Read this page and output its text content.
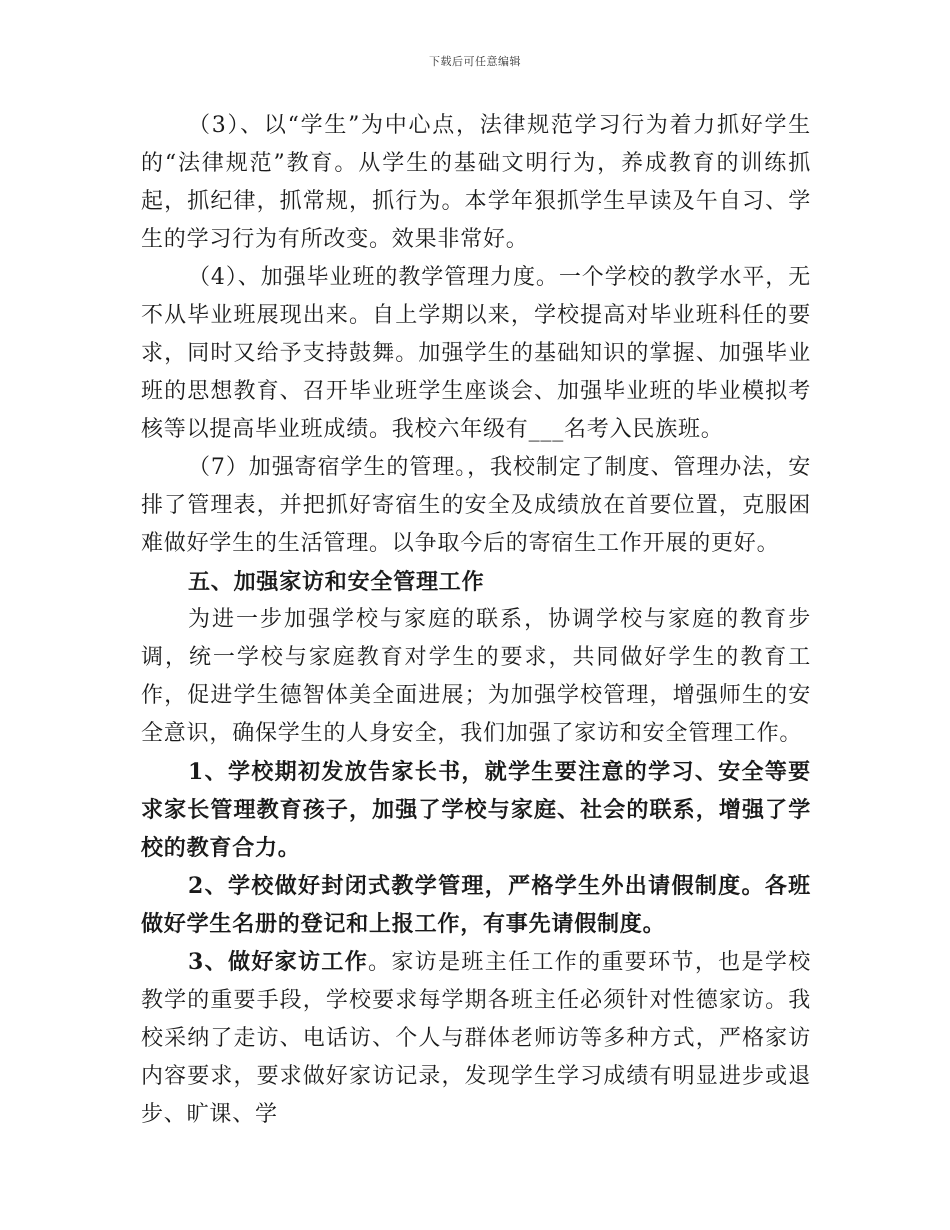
下载后可任意编辑

（3）、以“学生”为中心点，法律规范学习行为着力抓好学生的“法律规范”教育。从学生的基础文明行为，养成教育的训练抓起，抓纪律，抓常规，抓行为。本学年狠抓学生早读及午自习、学生的学习行为有所改变。效果非常好。

（4）、加强毕业班的教学管理力度。一个学校的教学水平，无不从毕业班展现出来。自上学期以来，学校提高对毕业班科任的要求，同时又给予支持鼓舞。加强学生的基础知识的掌握、加强毕业班的思想教育、召开毕业班学生座谈会、加强毕业班的毕业模拟考核等以提高毕业班成绩。我校六年级有___名考入民族班。

（7）加强寄宿学生的管理。，我校制定了制度、管理办法，安排了管理表，并把抓好寄宿生的安全及成绩放在首要位置，克服困难做好学生的生活管理。以争取今后的寄宿生工作开展的更好。

五、加强家访和安全管理工作

为进一步加强学校与家庭的联系，协调学校与家庭的教育步调，统一学校与家庭教育对学生的要求，共同做好学生的教育工作，促进学生德智体美全面进展；为加强学校管理，增强师生的安全意识，确保学生的人身安全，我们加强了家访和安全管理工作。

1、学校期初发放告家长书，就学生要注意的学习、安全等要求家长管理教育孩子，加强了学校与家庭、社会的联系，增强了学校的教育合力。

2、学校做好封闭式教学管理，严格学生外出请假制度。各班做好学生名册的登记和上报工作，有事先请假制度。

3、做好家访工作。家访是班主任工作的重要环节，也是学校教学的重要手段，学校要求每学期各班主任必须针对性德家访。我校采纳了走访、电话访、个人与群体老师访等多种方式，严格家访内容要求，要求做好家访记录，发现学生学习成绩有明显进步或退步、旷课、学
